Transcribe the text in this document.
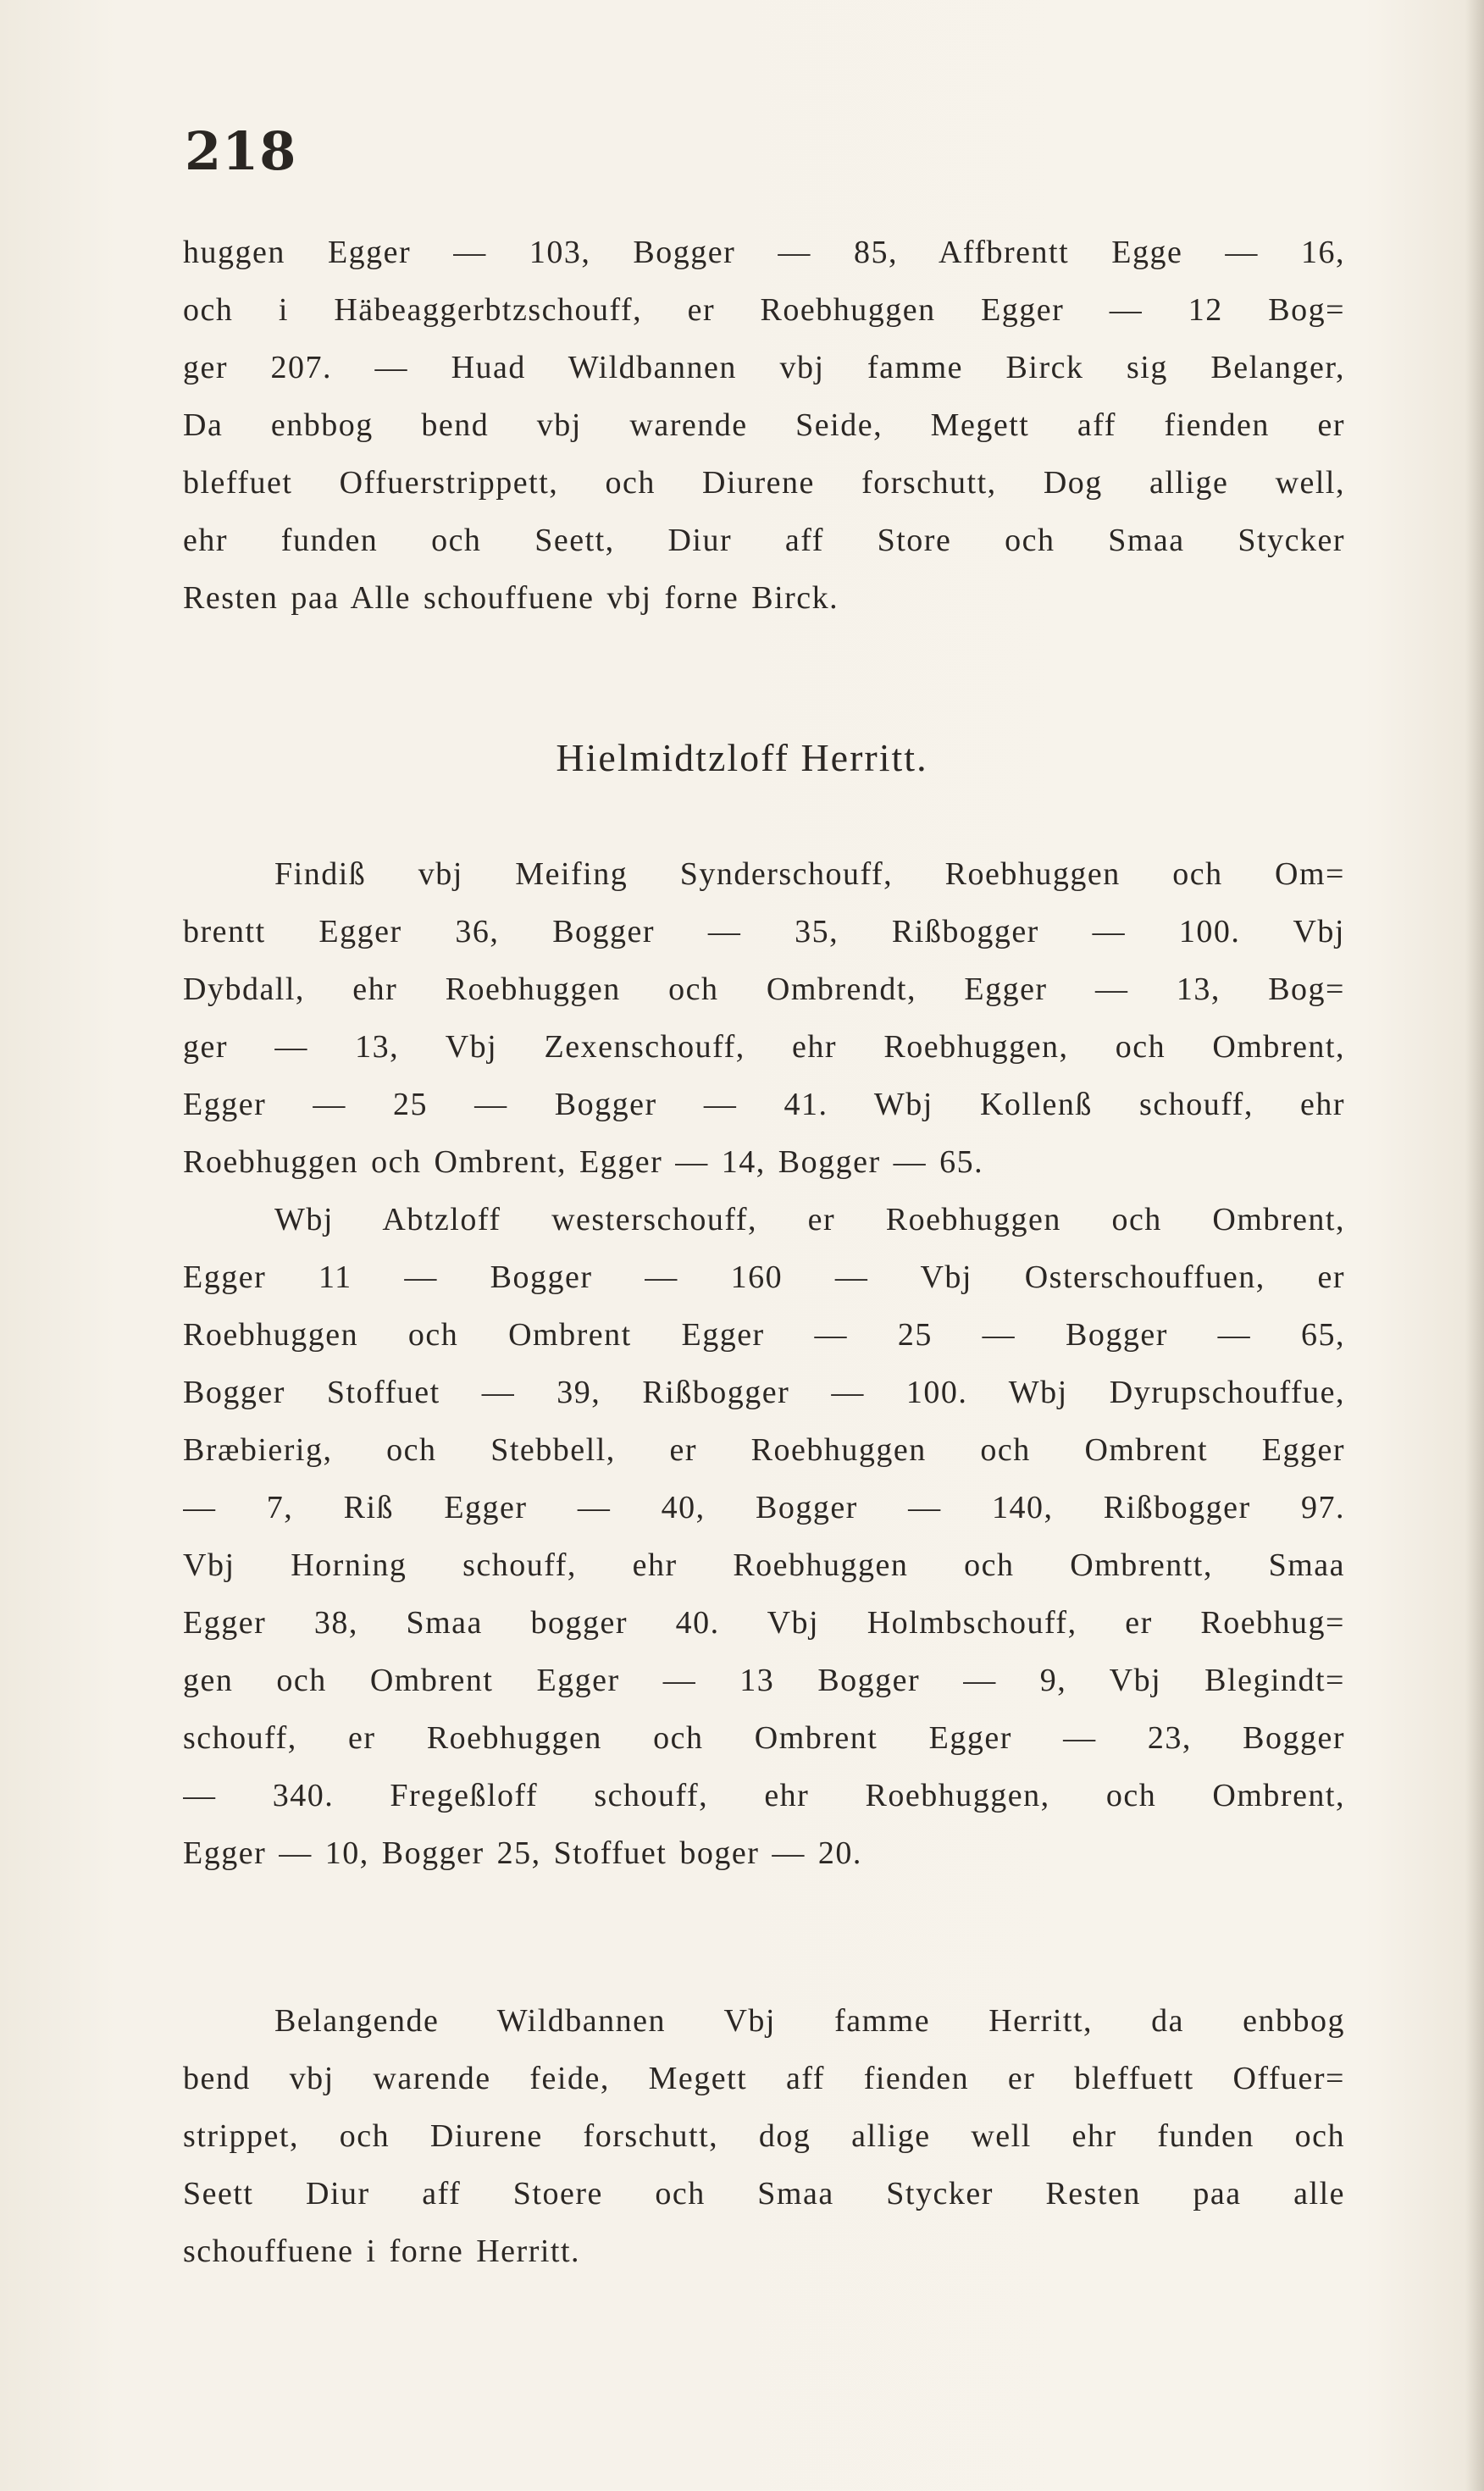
218
huggen Egger — 103, Bogger — 85, Affbrentt Egge — 16,
och i Häbeaggerbtzschouff, er Roebhuggen Egger — 12 Bog=
ger 207. — Huad Wildbannen vbj famme Birck sig Belanger,
Da enbbog bend vbj warende Seide, Megett aff fienden er
bleffuet Offuerstrippett, och Diurene forschutt, Dog allige well,
ehr funden och Seett, Diur aff Store och Smaa Stycker
Resten paa Alle schouffuene vbj forne Birck.
Hielmidtzloff Herritt.
Findiß vbj Meifing Synderschouff, Roebhuggen och Om=
brentt Egger 36, Bogger — 35, Rißbogger — 100. Vbj
Dybdall, ehr Roebhuggen och Ombrendt, Egger — 13, Bog=
ger — 13, Vbj Zexenschouff, ehr Roebhuggen, och Ombrent,
Egger — 25 — Bogger — 41. Wbj Kollenß schouff, ehr
Roebhuggen och Ombrent, Egger — 14, Bogger — 65.
Wbj Abtzloff westerschouff, er Roebhuggen och Ombrent,
Egger 11 — Bogger — 160 — Vbj Osterschouffuen, er
Roebhuggen och Ombrent Egger — 25 — Bogger — 65,
Bogger Stoffuet — 39, Rißbogger — 100. Wbj Dyrupschouffue,
Bræbierig, och Stebbell, er Roebhuggen och Ombrent Egger
— 7, Riß Egger — 40, Bogger — 140, Rißbogger 97.
Vbj Horning schouff, ehr Roebhuggen och Ombrentt, Smaa
Egger 38, Smaa bogger 40. Vbj Holmbschouff, er Roebhug=
gen och Ombrent Egger — 13 Bogger — 9, Vbj Blegindt=
schouff, er Roebhuggen och Ombrent Egger — 23, Bogger
— 340. Fregeßloff schouff, ehr Roebhuggen, och Ombrent,
Egger — 10, Bogger 25, Stoffuet boger — 20.
Belangende Wildbannen Vbj famme Herritt, da enbbog
bend vbj warende feide, Megett aff fienden er bleffuett Offuer=
strippet, och Diurene forschutt, dog allige well ehr funden och
Seett Diur aff Stoere och Smaa Stycker Resten paa alle
schouffuene i forne Herritt.
